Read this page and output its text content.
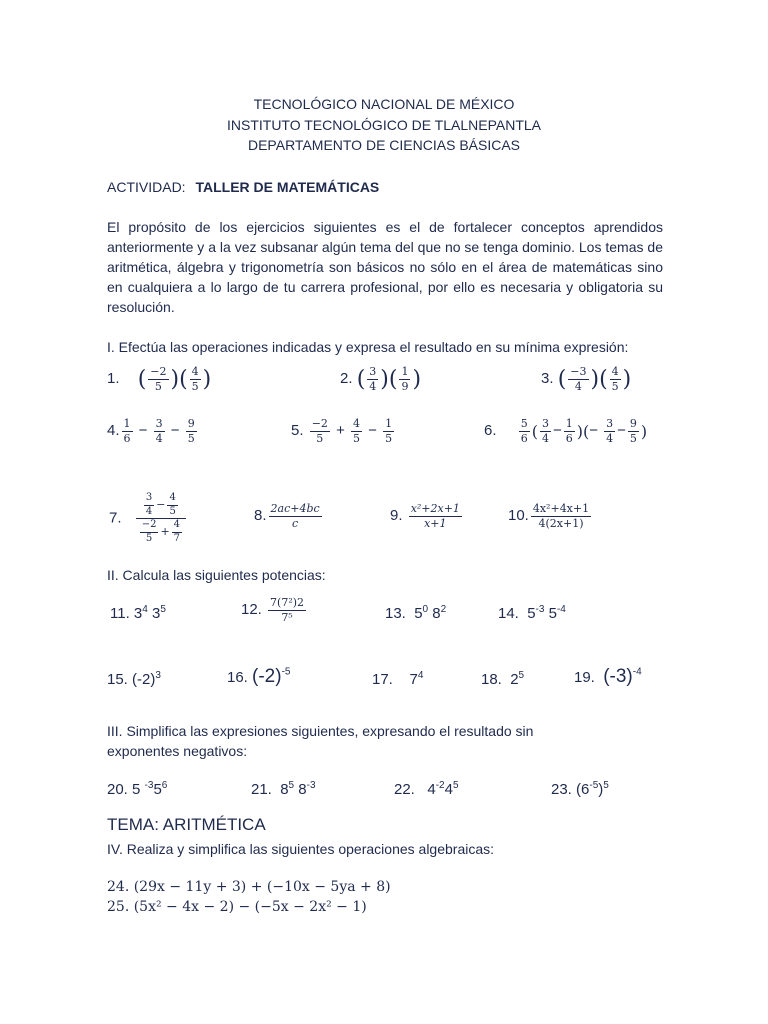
TECNOLÓGICO NACIONAL DE MÉXICO
INSTITUTO TECNOLÓGICO DE TLALNEPANTLA
DEPARTAMENTO DE CIENCIAS BÁSICAS
ACTIVIDAD: TALLER DE MATEMÁTICAS
El propósito de los ejercicios siguientes es el de fortalecer conceptos aprendidos anteriormente y a la vez subsanar algún tema del que no se tenga dominio. Los temas de aritmética, álgebra y trigonometría son básicos no sólo en el área de matemáticas sino en cualquiera a lo largo de tu carrera profesional, por ello es necesaria y obligatoria su resolución.
I. Efectúa las operaciones indicadas y expresa el resultado en su mínima expresión:
1. ( $\frac{-2}{5}$ )( $\frac{4}{5}$ )	2. ( $\frac{3}{4}$ )( $\frac{1}{9}$ )	3. ( $\frac{-3}{4}$ )( $\frac{4}{5}$ )
4. $\frac{1}{6} - \frac{3}{4} - \frac{9}{5}$	5. $\frac{-2}{5} + \frac{4}{5} - \frac{1}{5}$	6. $\frac{5}{6}$ ( $\frac{3}{4} - \frac{1}{6}$ )(− $\frac{3}{4} - \frac{9}{5}$ )
7. $\frac{\frac{3}{4} - \frac{4}{5}}{\frac{-2}{5} + \frac{4}{7}}$	8. $\frac{2ac+4bc}{c}$	9. $\frac{\text{x²+2x+1}}{x+1}$	10. $\frac{\text{4x²+4x+1}}{4(2x+1)}$
II. Calcula las siguientes potencias:
11. $3^4$ $3^5$	12. $\frac{\text{7(7²)2}}{\text{7⁵}}$	13.  $5^0$ $8^2$	14.  $5^{-3}$ $5^{-4}$
15. $(-2)^3$	16. $(-2)^{-5}$	17.    $7^4$	18.  $2^5$	19. $(-3)^{-4}$
III. Simplifica las expresiones siguientes, expresando el resultado sin exponentes negativos:
20. 5 $^{-3}5^6$	21.  $8^5$ $8^{-3}$	22.   $4^{-2}4^5$	23. $(6^{-5})^5$
TEMA: ARITMÉTICA
IV. Realiza y simplifica las siguientes operaciones algebraicas:
24. (29x − 11y + 3) + (−10x − 5ya + 8)
25. (5x² − 4x − 2) − (−5x − 2x² − 1)
